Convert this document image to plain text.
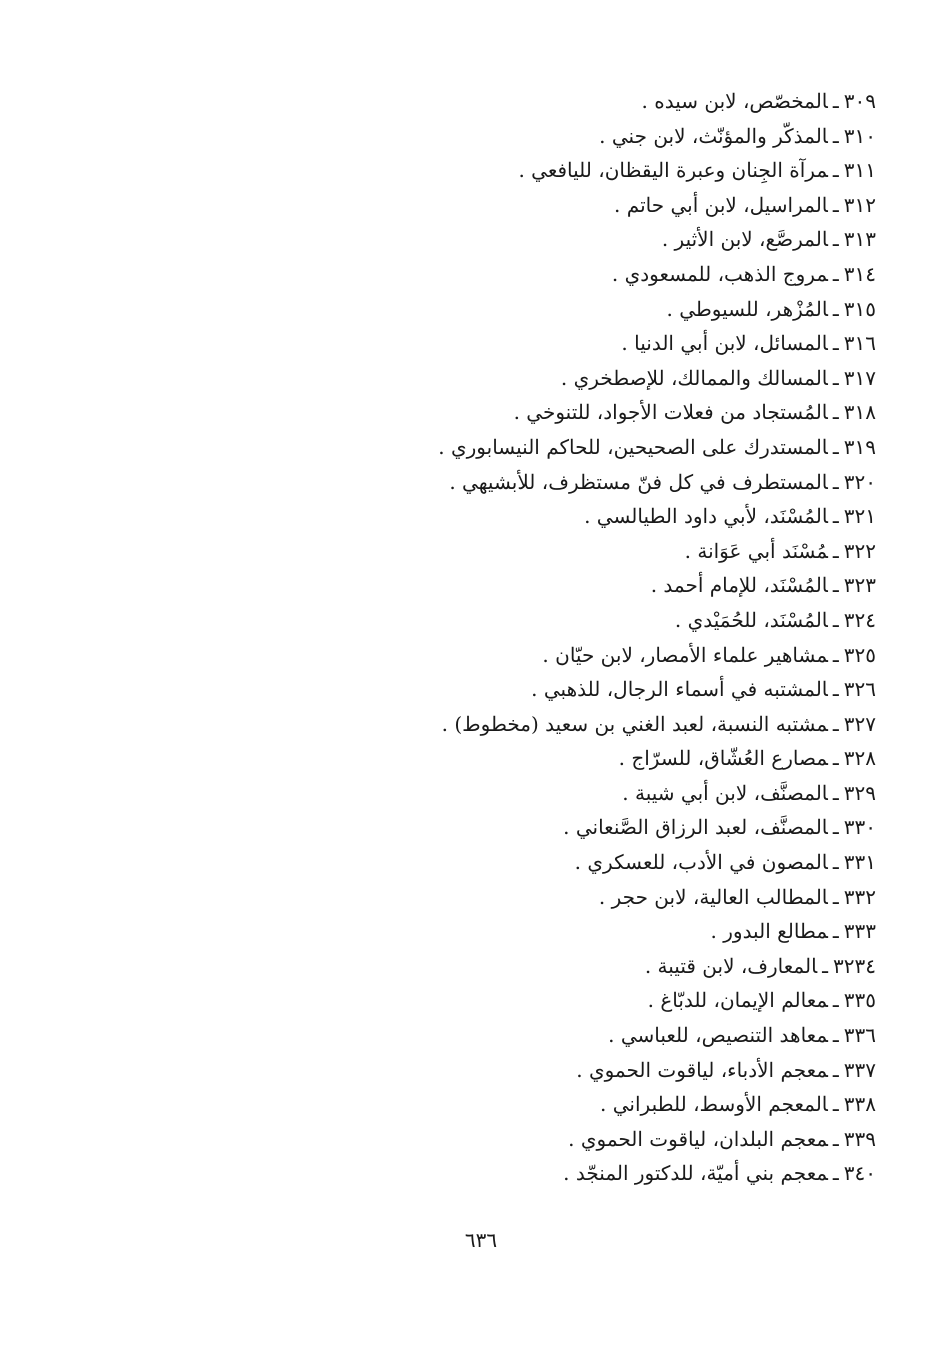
٣٠٩ـالمخصّص، لابن سيده .
٣١٠ـالمذكّر والمؤنّث، لابن جني .
٣١١ـمرآة الجِنان وعبرة اليقظان، لليافعي .
٣١٢ـالمراسيل، لابن أبي حاتم .
٣١٣ـالمرصَّع، لابن الأثير .
٣١٤ـمروج الذهب، للمسعودي .
٣١٥ـالمُزْهر، للسيوطي .
٣١٦ـالمسائل، لابن أبي الدنيا .
٣١٧ـالمسالك والممالك، للإصطخري .
٣١٨ـالمُستجاد من فعلات الأجواد، للتنوخي .
٣١٩ـالمستدرك على الصحيحين، للحاكم النيسابوري .
٣٢٠ـالمستطرف في كل فنّ مستظرف، للأبشيهي .
٣٢١ـالمُسْنَد، لأبي داود الطيالسي .
٣٢٢ـمُسْنَد أبي عَوَانة .
٣٢٣ـالمُسْنَد، للإمام أحمد .
٣٢٤ـالمُسْنَد، للحُمَيْدي .
٣٢٥ـمشاهير علماء الأمصار، لابن حيّان .
٣٢٦ـالمشتبه في أسماء الرجال، للذهبي .
٣٢٧ـمشتبه النسبة، لعبد الغني بن سعيد (مخطوط) .
٣٢٨ـمصارع العُشّاق، للسرّاج .
٣٢٩ـالمصنَّف، لابن أبي شيبة .
٣٣٠ـالمصنَّف، لعبد الرزاق الصَّنعاني .
٣٣١ـالمصون في الأدب، للعسكري .
٣٣٢ـالمطالب العالية، لابن حجر .
٣٣٣ـمطالع البدور .
٣٢٣٤ـالمعارف، لابن قتيبة .
٣٣٥ـمعالم الإيمان، للدبّاغ .
٣٣٦ـمعاهد التنصيص، للعباسي .
٣٣٧ـمعجم الأدباء، لياقوت الحموي .
٣٣٨ـالمعجم الأوسط، للطبراني .
٣٣٩ـمعجم البلدان، لياقوت الحموي .
٣٤٠ـمعجم بني أميّة، للدكتور المنجّد .
٦٣٦
